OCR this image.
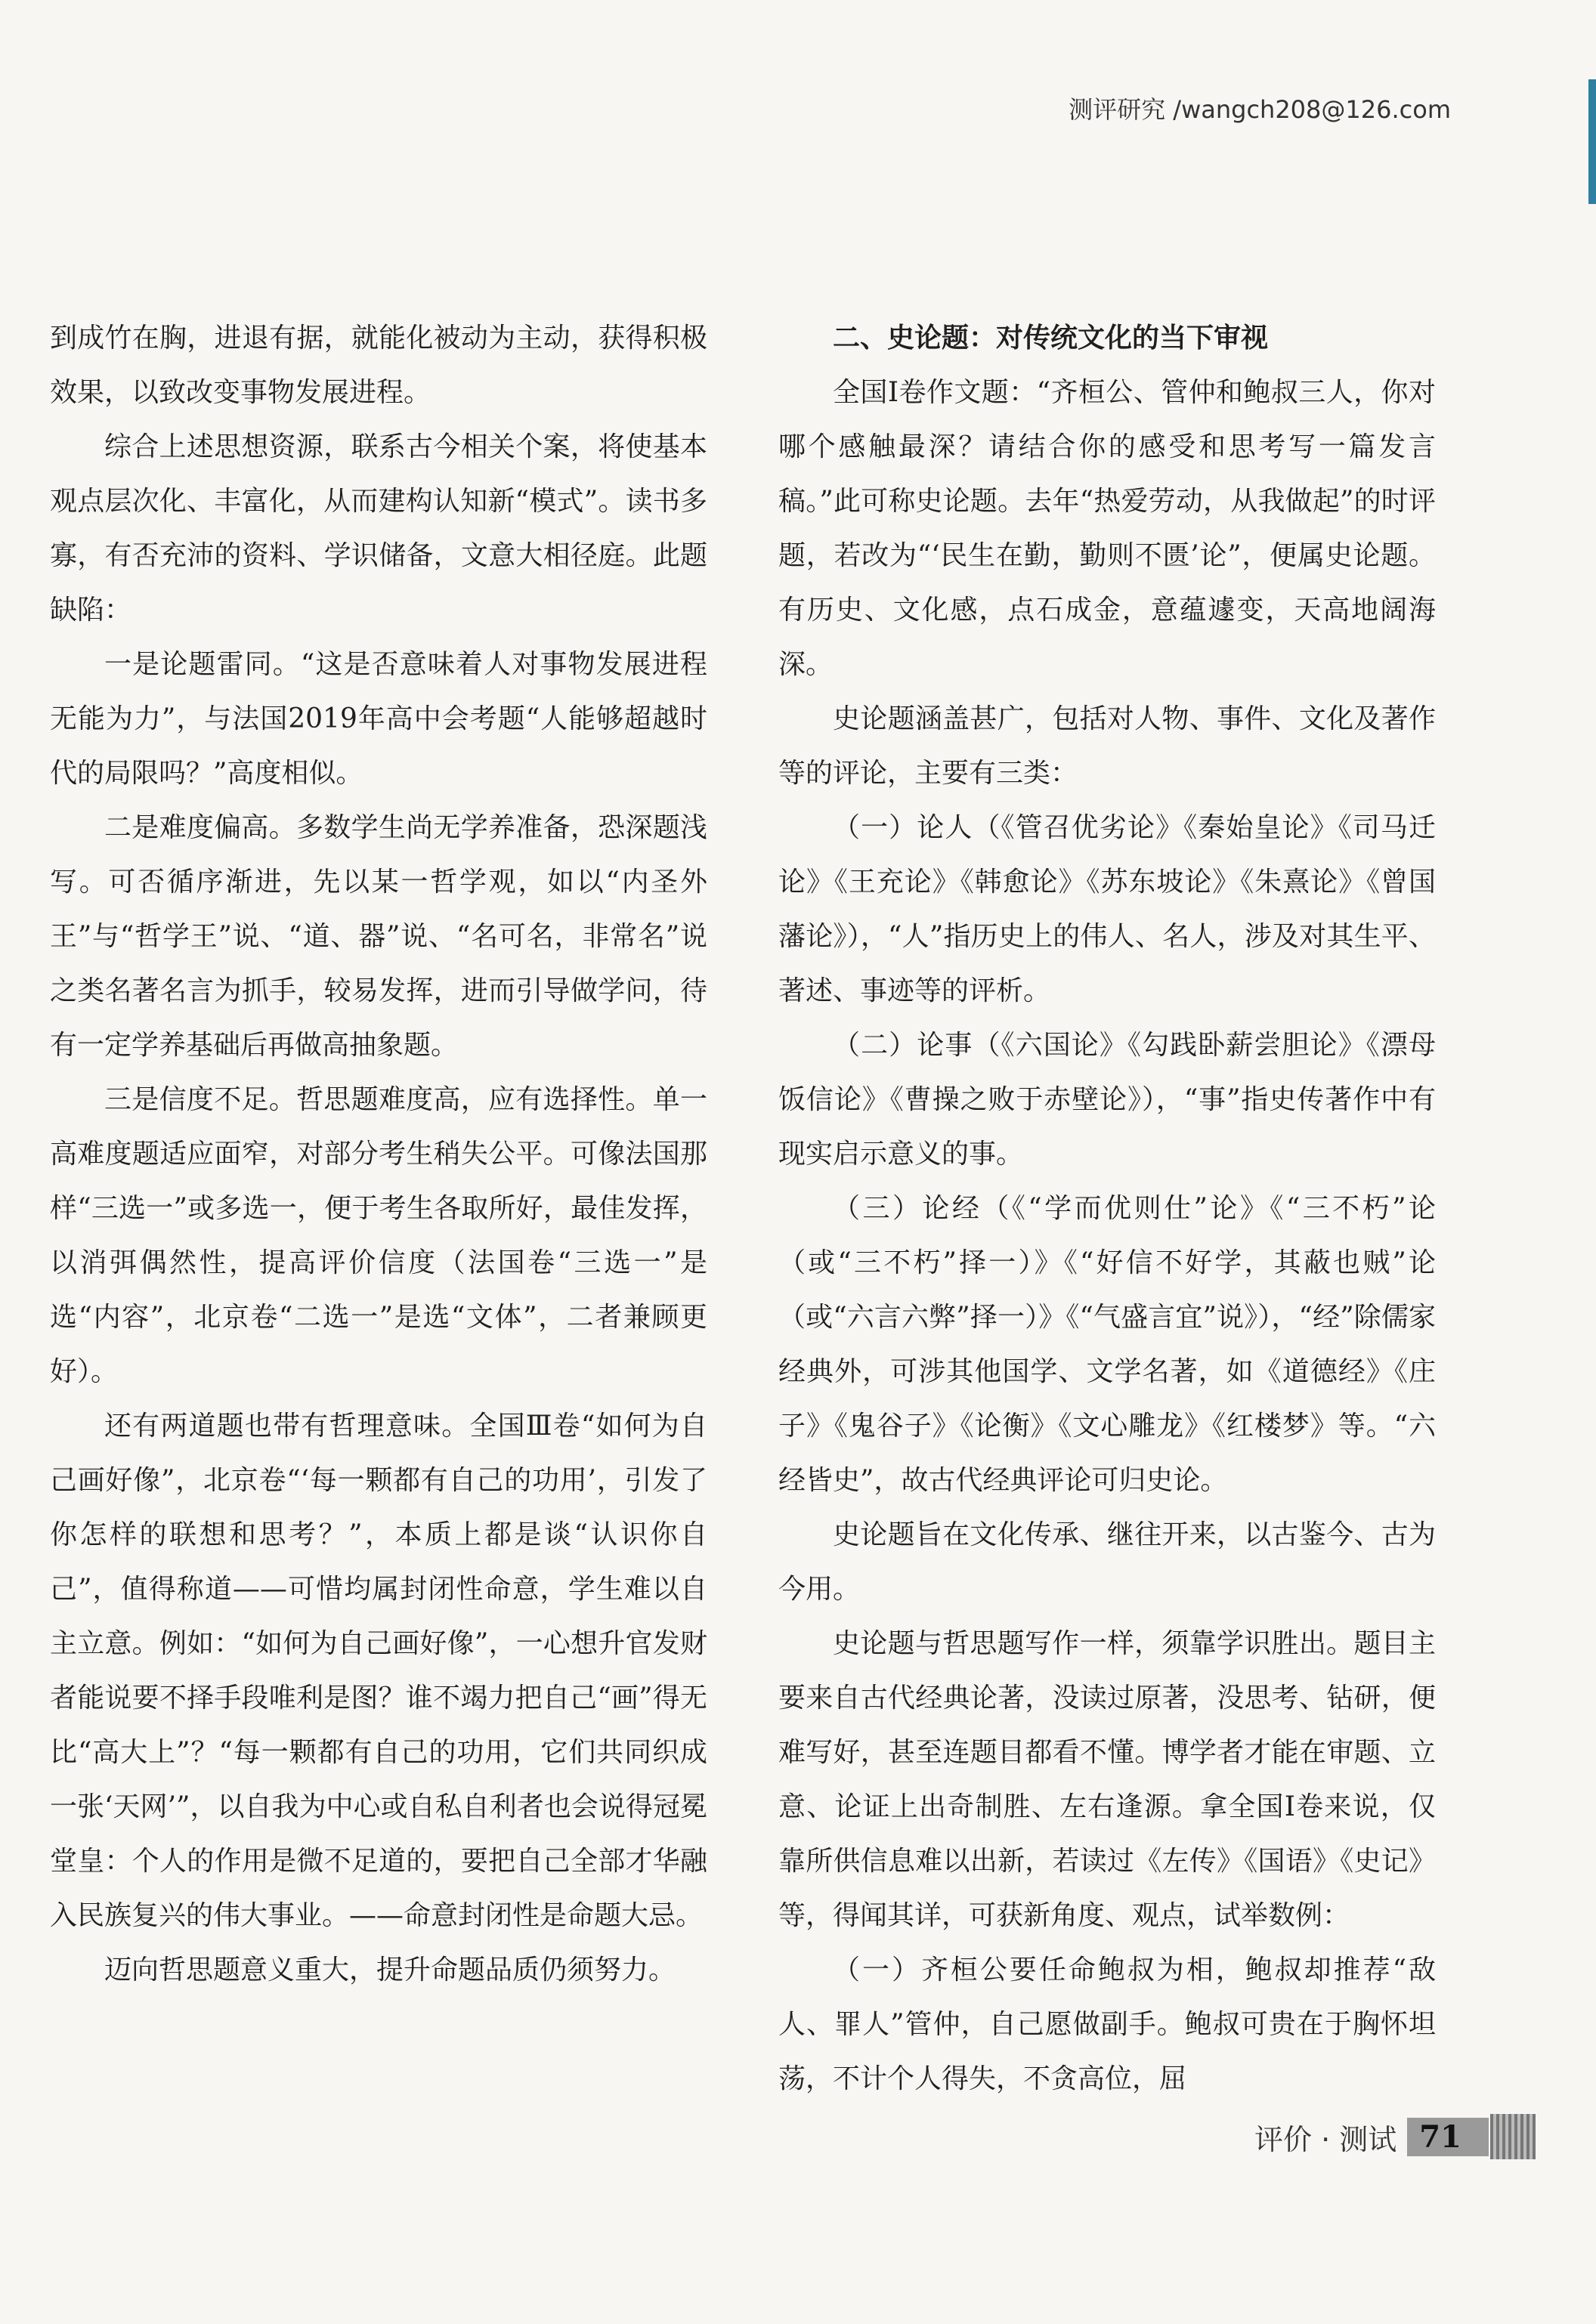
测评研究 /wangch208@126.com

到成竹在胸，进退有据，就能化被动为主动，获得积极效果，以致改变事物发展进程。

综合上述思想资源，联系古今相关个案，将使基本观点层次化、丰富化，从而建构认知新“模式”。读书多寡，有否充沛的资料、学识储备，文意大相径庭。此题缺陷：

一是论题雷同。“这是否意味着人对事物发展进程无能为力”，与法国2019年高中会考题“人能够超越时代的局限吗？”高度相似。

二是难度偏高。多数学生尚无学养准备，恐深题浅写。可否循序渐进，先以某一哲学观，如以“内圣外王”与“哲学王”说、“道、器”说、“名可名，非常名”说之类名著名言为抓手，较易发挥，进而引导做学问，待有一定学养基础后再做高抽象题。

三是信度不足。哲思题难度高，应有选择性。单一高难度题适应面窄，对部分考生稍失公平。可像法国那样“三选一”或多选一，便于考生各取所好，最佳发挥，以消弭偶然性，提高评价信度（法国卷“三选一”是选“内容”，北京卷“二选一”是选“文体”，二者兼顾更好）。

还有两道题也带有哲理意味。全国Ⅲ卷“如何为自己画好像”，北京卷“‘每一颗都有自己的功用’，引发了你怎样的联想和思考？”，本质上都是谈“认识你自己”，值得称道——可惜均属封闭性命意，学生难以自主立意。例如：“如何为自己画好像”，一心想升官发财者能说要不择手段唯利是图？谁不竭力把自己“画”得无比“高大上”？“每一颗都有自己的功用，它们共同织成一张‘天网’”，以自我为中心或自私自利者也会说得冠冕堂皇：个人的作用是微不足道的，要把自己全部才华融入民族复兴的伟大事业。——命意封闭性是命题大忌。

迈向哲思题意义重大，提升命题品质仍须努力。

二、史论题：对传统文化的当下审视

全国Ⅰ卷作文题：“齐桓公、管仲和鲍叔三人，你对哪个感触最深？请结合你的感受和思考写一篇发言稿。”此可称史论题。去年“热爱劳动，从我做起”的时评题，若改为“‘民生在勤，勤则不匮’论”，便属史论题。有历史、文化感，点石成金，意蕴遽变，天高地阔海深。

史论题涵盖甚广，包括对人物、事件、文化及著作等的评论，主要有三类：

（一）论人（《管召优劣论》《秦始皇论》《司马迁论》《王充论》《韩愈论》《苏东坡论》《朱熹论》《曾国藩论》），“人”指历史上的伟人、名人，涉及对其生平、著述、事迹等的评析。

（二）论事（《六国论》《勾践卧薪尝胆论》《漂母饭信论》《曹操之败于赤壁论》），“事”指史传著作中有现实启示意义的事。

（三）论经（《“学而优则仕”论》《“三不朽”论（或“三不朽”择一）》《“好信不好学，其蔽也贼”论（或“六言六弊”择一）》《“气盛言宜”说》），“经”除儒家经典外，可涉其他国学、文学名著，如《道德经》《庄子》《鬼谷子》《论衡》《文心雕龙》《红楼梦》等。“六经皆史”，故古代经典评论可归史论。

史论题旨在文化传承、继往开来，以古鉴今、古为今用。

史论题与哲思题写作一样，须靠学识胜出。题目主要来自古代经典论著，没读过原著，没思考、钻研，便难写好，甚至连题目都看不懂。博学者才能在审题、立意、论证上出奇制胜、左右逢源。拿全国Ⅰ卷来说，仅靠所供信息难以出新，若读过《左传》《国语》《史记》等，得闻其详，可获新角度、观点，试举数例：

（一）齐桓公要任命鲍叔为相，鲍叔却推荐“敌人、罪人”管仲，自己愿做副手。鲍叔可贵在于胸怀坦荡，不计个人得失，不贪高位，屈

评价 · 测试 71
